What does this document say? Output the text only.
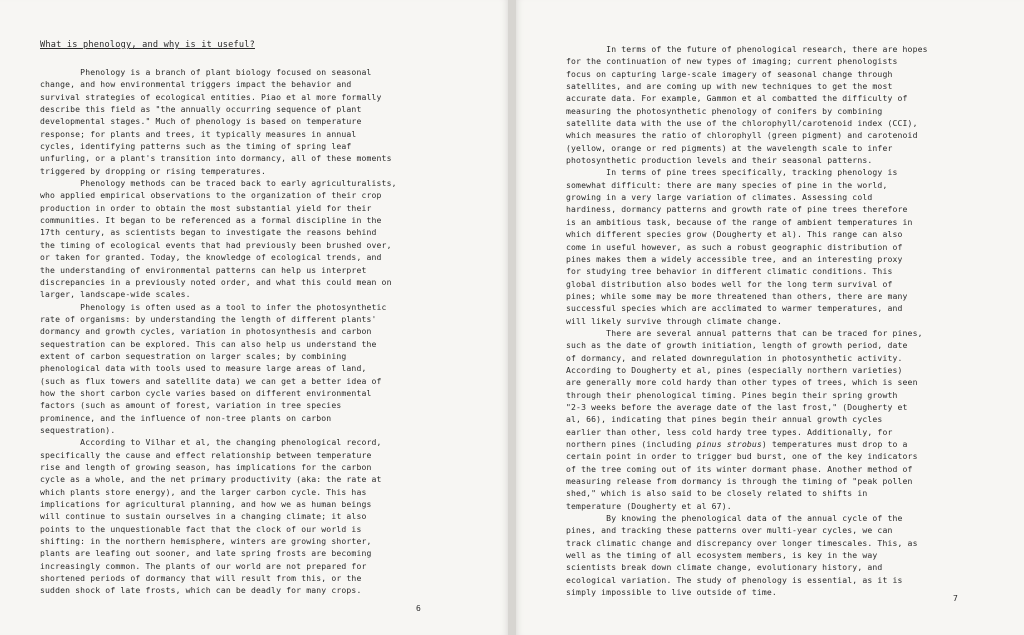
What is phenology, and why is it useful?
Phenology is a branch of plant biology focused on seasonal
change, and how environmental triggers impact the behavior and
survival strategies of ecological entities. Piao et al more formally
describe this field as "the annually occurring sequence of plant
developmental stages." Much of phenology is based on temperature
response; for plants and trees, it typically measures in annual
cycles, identifying patterns such as the timing of spring leaf
unfurling, or a plant's transition into dormancy, all of these moments
triggered by dropping or rising temperatures.
Phenology methods can be traced back to early agriculturalists,
who applied empirical observations to the organization of their crop
production in order to obtain the most substantial yield for their
communities. It began to be referenced as a formal discipline in the
17th century, as scientists began to investigate the reasons behind
the timing of ecological events that had previously been brushed over,
or taken for granted. Today, the knowledge of ecological trends, and
the understanding of environmental patterns can help us interpret
discrepancies in a previously noted order, and what this could mean on
larger, landscape-wide scales.
Phenology is often used as a tool to infer the photosynthetic
rate of organisms: by understanding the length of different plants'
dormancy and growth cycles, variation in photosynthesis and carbon
sequestration can be explored. This can also help us understand the
extent of carbon sequestration on larger scales; by combining
phenological data with tools used to measure large areas of land,
(such as flux towers and satellite data) we can get a better idea of
how the short carbon cycle varies based on different environmental
factors (such as amount of forest, variation in tree species
prominence, and the influence of non-tree plants on carbon
sequestration).
According to Vilhar et al, the changing phenological record,
specifically the cause and effect relationship between temperature
rise and length of growing season, has implications for the carbon
cycle as a whole, and the net primary productivity (aka: the rate at
which plants store energy), and the larger carbon cycle. This has
implications for agricultural planning, and how we as human beings
will continue to sustain ourselves in a changing climate; it also
points to the unquestionable fact that the clock of our world is
shifting: in the northern hemisphere, winters are growing shorter,
plants are leafing out sooner, and late spring frosts are becoming
increasingly common. The plants of our world are not prepared for
shortened periods of dormancy that will result from this, or the
sudden shock of late frosts, which can be deadly for many crops.
6
In terms of the future of phenological research, there are hopes
for the continuation of new types of imaging; current phenologists
focus on capturing large-scale imagery of seasonal change through
satellites, and are coming up with new techniques to get the most
accurate data. For example, Gammon et al combatted the difficulty of
measuring the photosynthetic phenology of conifers by combining
satellite data with the use of the chlorophyll/carotenoid index (CCI),
which measures the ratio of chlorophyll (green pigment) and carotenoid
(yellow, orange or red pigments) at the wavelength scale to infer
photosynthetic production levels and their seasonal patterns.
In terms of pine trees specifically, tracking phenology is
somewhat difficult: there are many species of pine in the world,
growing in a very large variation of climates. Assessing cold
hardiness, dormancy patterns and growth rate of pine trees therefore
is an ambitious task, because of the range of ambient temperatures in
which different species grow (Dougherty et al). This range can also
come in useful however, as such a robust geographic distribution of
pines makes them a widely accessible tree, and an interesting proxy
for studying tree behavior in different climatic conditions. This
global distribution also bodes well for the long term survival of
pines; while some may be more threatened than others, there are many
successful species which are acclimated to warmer temperatures, and
will likely survive through climate change.
There are several annual patterns that can be traced for pines,
such as the date of growth initiation, length of growth period, date
of dormancy, and related downregulation in photosynthetic activity.
According to Dougherty et al, pines (especially northern varieties)
are generally more cold hardy than other types of trees, which is seen
through their phenological timing. Pines begin their spring growth
"2-3 weeks before the average date of the last frost," (Dougherty et
al, 66), indicating that pines begin their annual growth cycles
earlier than other, less cold hardy tree types. Additionally, for
northern pines (including pinus strobus) temperatures must drop to a
certain point in order to trigger bud burst, one of the key indicators
of the tree coming out of its winter dormant phase. Another method of
measuring release from dormancy is through the timing of "peak pollen
shed," which is also said to be closely related to shifts in
temperature (Dougherty et al 67).
By knowing the phenological data of the annual cycle of the
pines, and tracking these patterns over multi-year cycles, we can
track climatic change and discrepancy over longer timescales. This, as
well as the timing of all ecosystem members, is key in the way
scientists break down climate change, evolutionary history, and
ecological variation. The study of phenology is essential, as it is
simply impossible to live outside of time.
7
